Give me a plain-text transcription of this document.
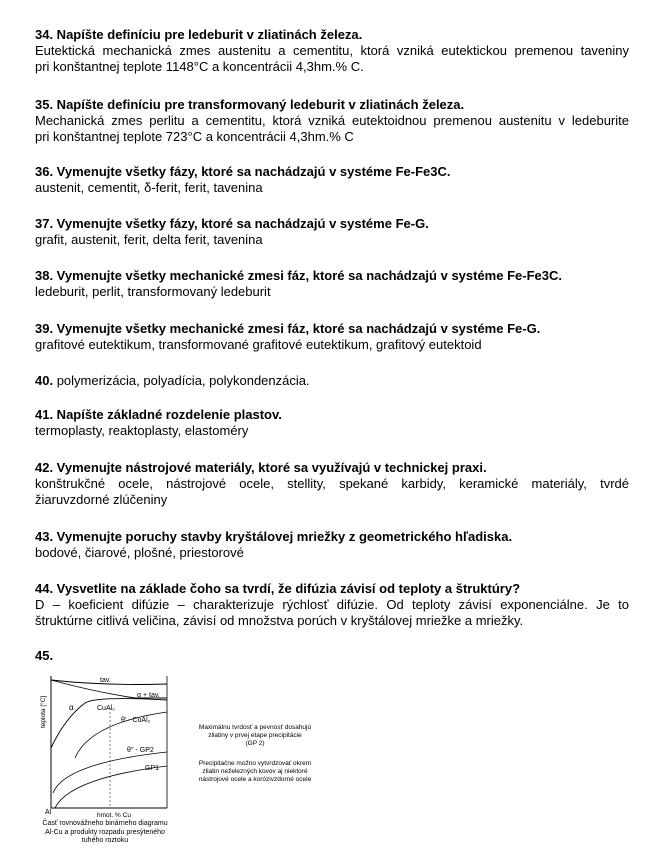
34. Napíšte definíciu pre ledeburit v zliatinách železa.
Eutektická mechanická zmes austenitu a cementitu, ktorá vzniká eutektickou premenou taveniny
pri konštantnej teplote 1148°C a koncentrácii 4,3hm.% C.
35. Napíšte definíciu pre transformovaný ledeburit v zliatinách železa.
Mechanická zmes perlitu a cementitu, ktorá vzniká eutektoidnou premenou austenitu v ledeburite
pri konštantnej teplote 723°C a koncentrácii 4,3hm.% C
36. Vymenujte všetky fázy, ktoré sa nachádzajú v systéme Fe-Fe3C.
austenit, cementit, δ-ferit, ferit, tavenina
37. Vymenujte všetky fázy, ktoré sa nachádzajú v systéme Fe-G.
grafit, austenit, ferit, delta ferit, tavenina
38. Vymenujte všetky mechanické zmesi fáz, ktoré sa nachádzajú v systéme Fe-Fe3C.
ledeburit, perlit, transformovaný ledeburit
39. Vymenujte všetky mechanické zmesi fáz, ktoré sa nachádzajú v systéme Fe-G.
grafitové eutektikum, transformované grafitové eutektikum, grafitový eutektoid
40. polymerizácia, polyadícia, polykondenzácia.
41. Napíšte základné rozdelenie plastov.
termoplasty, reaktoplasty, elastoméry
42. Vymenujte nástrojové materiály, ktoré sa využívajú v technickej praxi.
konštrukčné ocele, nástrojové ocele, stellity, spekané karbidy, keramické materiály, tvrdé
žiaruvzdorné zlúčeniny
43. Vymenujte poruchy stavby kryštálovej mriežky z geometrického hľadiska.
bodové, čiarové, plošné, priestorové
44. Vysvetlite na základe čoho sa tvrdí, že difúzia závisí od teploty a štruktúry?
D – koeficient difúzie – charakterizuje rýchlosť difúzie. Od teploty závisí exponenciálne. Je to
štruktúrne citlivá veličina, závisí od množstva porúch v kryštálovej mriežke a mriežky.
45.
tav.
α + tav.
α	CuAl₂
θ' - CuAl₂
θ'' - GP2
GP1
teplota [°C]
hmot. % Cu
Al
Časť rovnovážneho binárneho diagramu
Al-Cu a produkty rozpadu presýteného
tuhého roztoku
Maximálnu tvrdosť a pevnosť dosahujú
zliatiny v prvej etape precipitácie
(GP 2)
Precipitačne možno vytvrdzovať okrem
zliatin neželezných kovov aj niektoré
nástrojové ocele a korózivzdorné ocele
